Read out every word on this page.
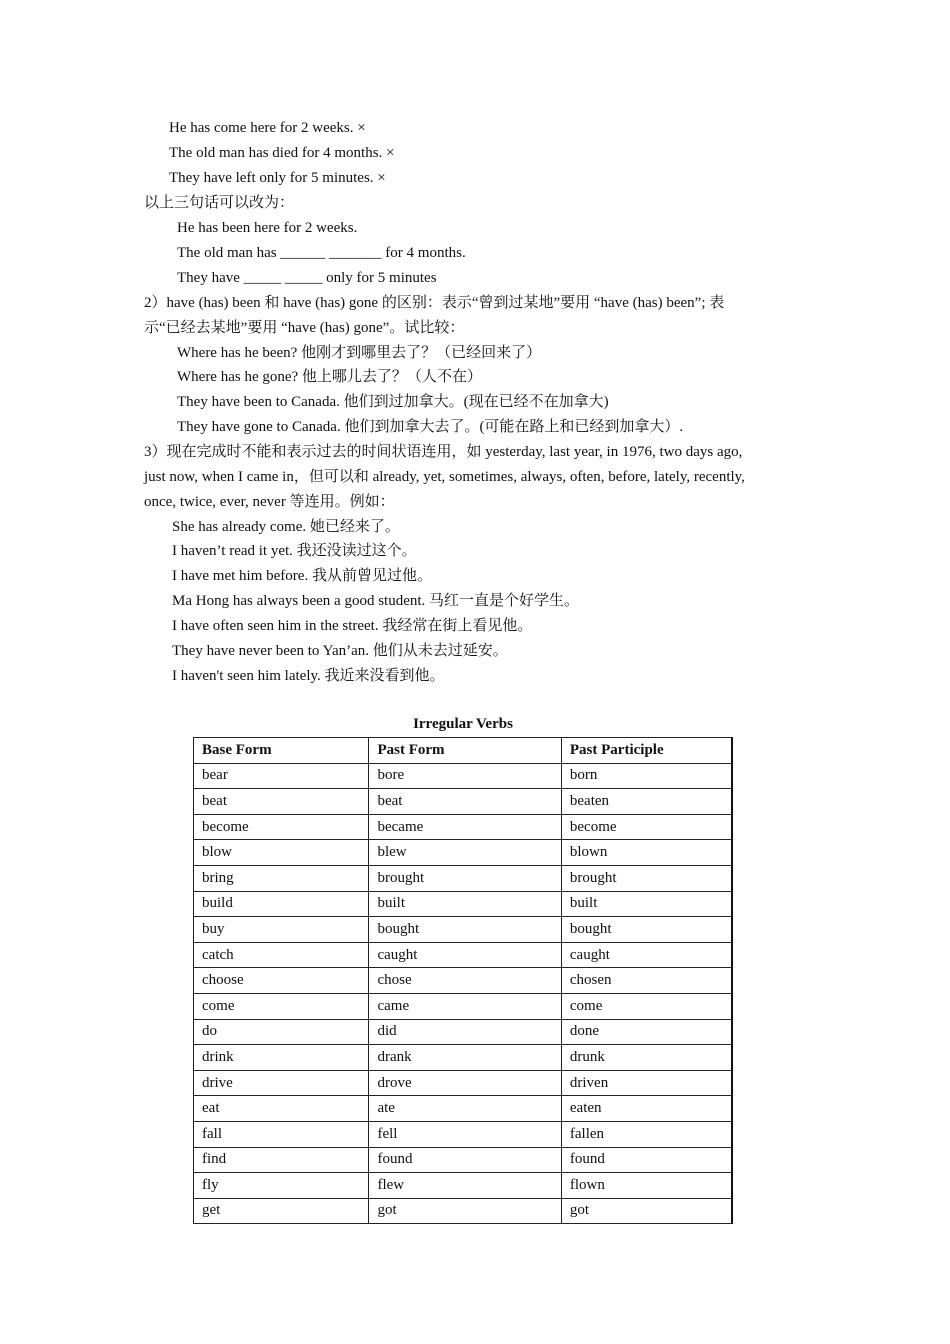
He has come here for 2 weeks. ×
The old man has died for 4 months. ×
They have left only for 5 minutes. ×
以上三句话可以改为：
He has been here for 2 weeks.
The old man has ______ _______ for 4 months.
They have _____ _____ only for 5 minutes
2）have (has) been 和 have (has) gone 的区别：表示“曾到过某地”要用 “have (has) been”; 表
示“已经去某地”要用 “have (has) gone”。试比较：
Where has he been? 他刚才到哪里去了？（已经回来了）
Where has he gone? 他上哪儿去了？（人不在）
They have been to Canada. 他们到过加拿大。(现在已经不在加拿大)
They have gone to Canada. 他们到加拿大去了。(可能在路上和已经到加拿大）.
3）现在完成时不能和表示过去的时间状语连用，如 yesterday, last year, in 1976, two days ago,
just now, when I came in，但可以和 already, yet, sometimes, always, often, before, lately, recently,
once, twice, ever, never 等连用。例如：
She has already come. 她已经来了。
I haven’t read it yet. 我还没读过这个。
I have met him before. 我从前曾见过他。
Ma Hong has always been a good student. 马红一直是个好学生。
I have often seen him in the street. 我经常在街上看见他。
They have never been to Yan’an. 他们从未去过延安。
I haven't seen him lately. 我近来没看到他。
Irregular Verbs
Base Form	Past Form	Past Participle
bear	bore	born
beat	beat	beaten
become	became	become
blow	blew	blown
bring	brought	brought
build	built	built
buy	bought	bought
catch	caught	caught
choose	chose	chosen
come	came	come
do	did	done
drink	drank	drunk
drive	drove	driven
eat	ate	eaten
fall	fell	fallen
find	found	found
fly	flew	flown
get	got	got
